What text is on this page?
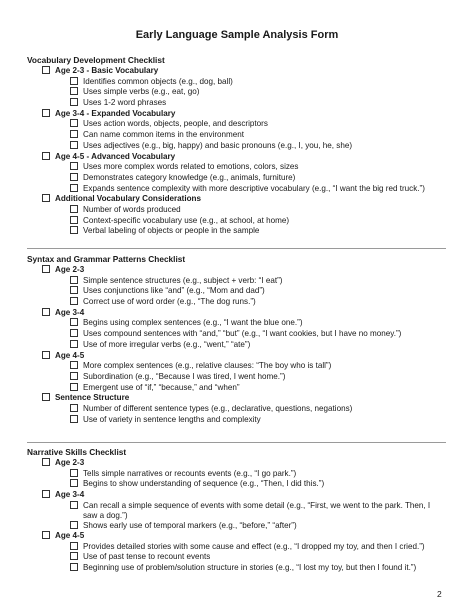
Early Language Sample Analysis Form
Vocabulary Development Checklist
Age 2-3 - Basic Vocabulary
Identifies common objects (e.g., dog, ball)
Uses simple verbs (e.g., eat, go)
Uses 1-2 word phrases
Age 3-4 - Expanded Vocabulary
Uses action words, objects, people, and descriptors
Can name common items in the environment
Uses adjectives (e.g., big, happy) and basic pronouns (e.g., I, you, he, she)
Age 4-5 - Advanced Vocabulary
Uses more complex words related to emotions, colors, sizes
Demonstrates category knowledge (e.g., animals, furniture)
Expands sentence complexity with more descriptive vocabulary (e.g., “I want the big red truck.”)
Additional Vocabulary Considerations
Number of words produced
Context-specific vocabulary use (e.g., at school, at home)
Verbal labeling of objects or people in the sample
Syntax and Grammar Patterns Checklist
Age 2-3
Simple sentence structures (e.g., subject + verb: “I eat”)
Uses conjunctions like “and” (e.g., “Mom and dad”)
Correct use of word order (e.g., “The dog runs.”)
Age 3-4
Begins using complex sentences (e.g., “I want the blue one.”)
Uses compound sentences with “and,” “but” (e.g., “I want cookies, but I have no money.”)
Use of more irregular verbs (e.g., “went,” “ate”)
Age 4-5
More complex sentences (e.g., relative clauses: “The boy who is tall”)
Subordination (e.g., “Because I was tired, I went home.”)
Emergent use of “if,” “because,” and “when”
Sentence Structure
Number of different sentence types (e.g., declarative, questions, negations)
Use of variety in sentence lengths and complexity
Narrative Skills Checklist
Age 2-3
Tells simple narratives or recounts events (e.g., “I go park.”)
Begins to show understanding of sequence (e.g., “Then, I did this.”)
Age 3-4
Can recall a simple sequence of events with some detail (e.g., “First, we went to the park. Then, I saw a dog.”)
Shows early use of temporal markers (e.g., “before,” “after”)
Age 4-5
Provides detailed stories with some cause and effect (e.g., “I dropped my toy, and then I cried.”)
Use of past tense to recount events
Beginning use of problem/solution structure in stories (e.g., “I lost my toy, but then I found it.”)
2
